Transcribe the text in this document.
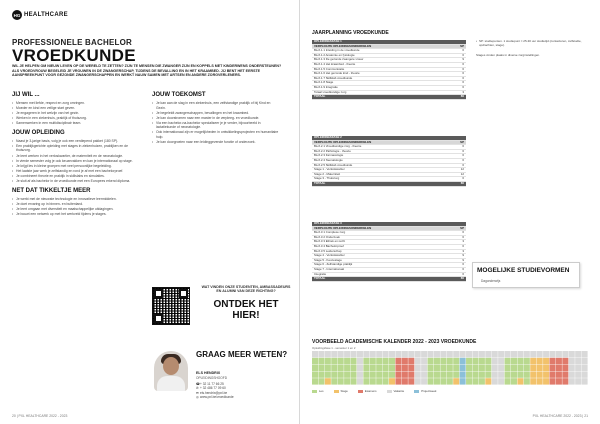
HG HEALTHCARE
PROFESSIONELE BACHELOR
VROEDKUNDE
WIL JE HELPEN OM NIEUW LEVEN OP DE WERELD TE ZETTEN? ZIJN TE MENSEN DIE ZWANGER ZIJN EN KOPPELS MET KINDERWENS ONDERSTEUNEN? ALS VROEDVROUW BEGELEID JE VROUWEN IN DE ZWANGERSCHAP, TIJDENS DE BEVALLING EN IN HET KRAAMBED. JIJ BENT HET EERSTE AANSPREEKPUNT VOOR GEZONDE ZWANGERSCHAPPEN EN WERKT NAUW SAMEN MET ARTSEN EN ANDERE ZORGVERLENERS.
JIJ WIL ...
• Mensen met liefde, respect en zorg omringen.
• Moeder en kind een veilige start geven.
• Je engageren in het welzijn van het gezin.
• Werken in een ziekenhuis, praktijk of thuiszorg.
• Samenwerken in een multidisciplinair team.
JOUW OPLEIDING
• Naast je 3-jarige basis, volg je ook een verdiepend pakket (180 SP).
• Een praktijkgerichte opleiding met stages in ziekenhuizen, praktijken en de thuiszorg.
• Je leert werken in het verloskwartier, de materniteit en de neonatologie.
• In vierde semester volg je ook keuzevakken en kan je internationaal op stage.
• Je krijgt les in kleine groepen met veel persoonlijke begeleiding.
• Het laatste jaar werk je zelfstandig en rond je af met een bachelorproef.
• Je combineert theorie en praktijk in skillslabs en simulaties.
• Je sluit af als bachelor in de vroedkunde met een Europees erkend diploma.
NET DAT TIKKELTJE MEER
• Je werkt met de nieuwste technologie en innovatieve leermiddelen.
• Je doet ervaring op in binnen- en buitenland.
• Je leert omgaan met diversiteit en maatschappelijke uitdagingen.
• Je bouwt een netwerk op met het werkveld tijdens je stages.
JOUW TOEKOMST
• Je kan aan de slag in een ziekenhuis, een zelfstandige praktijk of bij Kind en Gezin.
• Je begeleidt zwangerschappen, bevallingen en het kraambed.
• Je kan doorstromen naar een master in de verpleeg- en vroedkunde.
• Via een bachelor-na-bachelor specialiseer je je verder, bijvoorbeeld in lactatiekunde of neonatologie.
• Ook internationaal zijn er mogelijkheden in ontwikkelingsprojecten en humanitaire hulp.
• Je kan doorgroeien naar een leidinggevende functie of onderzoek.
WAT VINDEN ONZE STUDENTEN, AMBASSADEURS EN ALUMNI VAN DEZE RICHTING?
ONTDEK HET HIER!
GRAAG MEER WETEN?
ELS HENDRIX
OPLEIDINGSHOOFD
☎+ 32 11 77 66 25
✆+ 32 486 77 09 60
✉els.hendrix@pxl.be
◎www.pxl.be/vroedkunde
20 | PXL HEALTHCARE 2022 - 2023
JAARPLANNING VROEDKUNDE
OPLEIDINGSFASE 1	
VERPLICHTE OPLEIDINGSONDERDELEN	SP
BL/A 1.1 Inleiding in de vroedkunde	6
BL/A 1.2 Anatomie en fysiologie	6
BL/A 1.3 De gezonde zwangere vrouw	9
BL/A 1.4 Het kraambed - theorie	6
BL/A 1.5 Communicatie	6
BL/A 1.6 Het gezonde kind - theorie	6
BL/A 1.7 Skillslab vroedkunde	6
BL/A 1.8 Stage	6
BL/A 1.9 Integratie	6
Totaal vroedkundige zorg	3
TOTAAL	60
OPLEIDINGSFASE 2	
VERPLICHTE OPLEIDINGSONDERDELEN	SP
BL/A 2.1 Vroedkundige zorg - theorie	6
BL/A 2.2 Pathologie - theorie	6
BL/A 2.3 Farmacologie	6
BL/A 2.4 Neonatologie	6
BL/A 2.5 Skillslab vroedkunde	6
Stage 1 - Verloskwartier	12
Stage 2 - Materniteit	12
Stage 3 - Thuiszorg	6
TOTAAL	60
OPLEIDINGSFASE 3	
VERPLICHTE OPLEIDINGSONDERDELEN	SP
BL/A 3.1 Complexe zorg	6
BL/A 3.2 Onderzoek	6
BL/A 3.3 Ethiek en recht	3
BL/A 3.4 Bachelorproef	6
BL/A 3.5 Leiderschap	3
Stage 4 - Verloskwartier	9
Stage 5 - Keuzestage	9
Stage 6 - Zelfstandige praktijk	6
Stage 7 - Internationaal	6
Integratie	6
TOTAAL	60
• SP: studiepunten. 1 studiepunt = 25-30 uur studietijd (contacturen, zelfstudie, opdrachten, stage).

Stages vinden plaats in diverse zorginstellingen.

MOGELIJKE STUDIEVORMEN
Dagonderwijs
VOORBEELD ACADEMISCHE KALENDER 2022 - 2023 VROEDKUNDE
Opleidingsfase 1 - semester 1 en 2
Les	Stage	Examens	Vakantie	Projectweek
PXL HEALTHCARE 2022 - 2023 | 21
